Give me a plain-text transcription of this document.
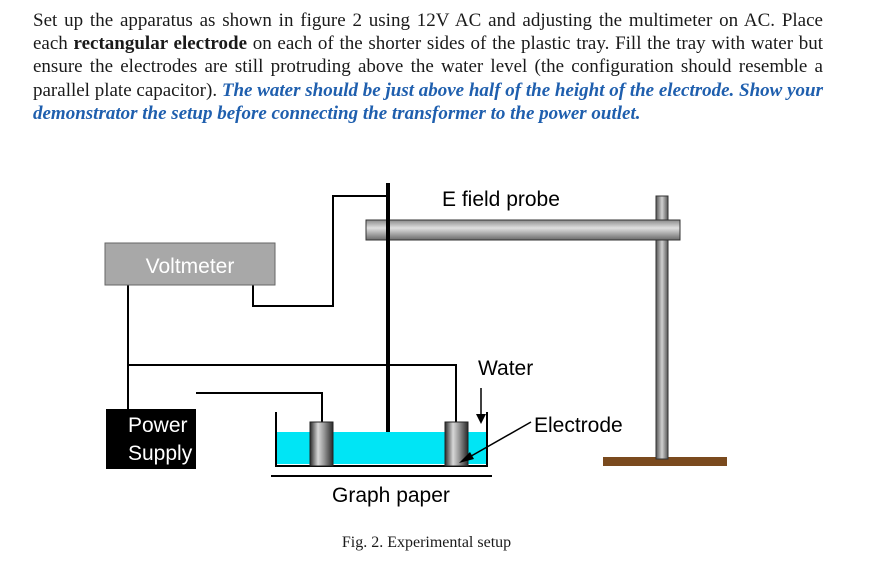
Set up the apparatus as shown in figure 2 using 12V AC and adjusting the multimeter on AC. Place each rectangular electrode on each of the shorter sides of the plastic tray. Fill the tray with water but ensure the electrodes are still protruding above the water level (the configuration should resemble a parallel plate capacitor). The water should be just above half of the height of the electrode. Show your demonstrator the setup before connecting the transformer to the power outlet.

Voltmeter
Power
Supply
E field probe
Water
Electrode
Graph paper
Fig. 2. Experimental setup
